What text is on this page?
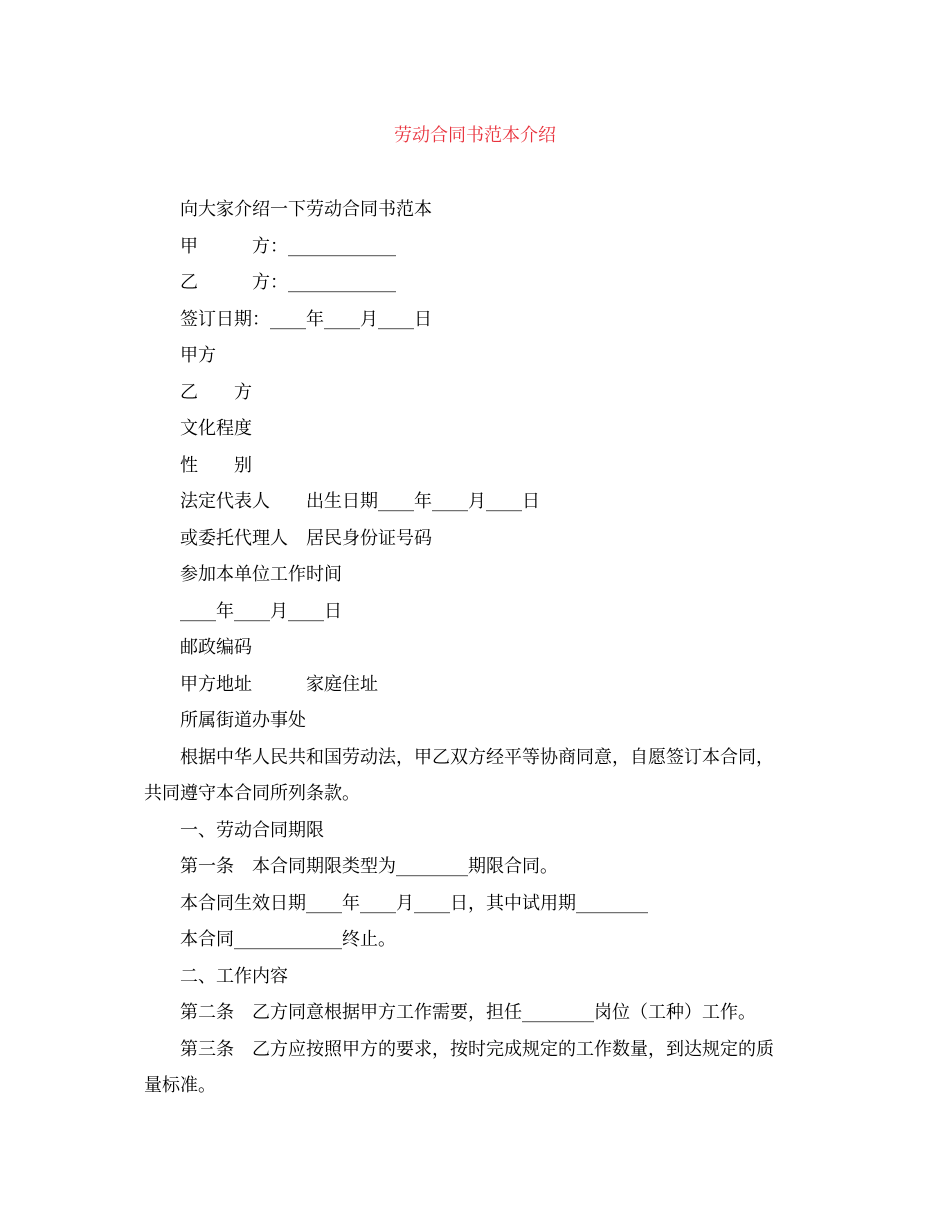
劳动合同书范本介绍

向大家介绍一下劳动合同书范本

甲　　　方：____________

乙　　　方：____________

签订日期：____年____月____日

甲方

乙　　方

文化程度

性　　别

法定代表人　　出生日期____年____月____日

或委托代理人　居民身份证号码

参加本单位工作时间

____年____月____日

邮政编码

甲方地址　　　家庭住址

所属街道办事处

根据中华人民共和国劳动法，甲乙双方经平等协商同意，自愿签订本合同，
共同遵守本合同所列条款。

一、劳动合同期限

第一条　本合同期限类型为________期限合同。

本合同生效日期____年____月____日，其中试用期________

本合同____________终止。

二、工作内容

第二条　乙方同意根据甲方工作需要，担任________岗位（工种）工作。

第三条　乙方应按照甲方的要求，按时完成规定的工作数量，到达规定的质
量标准。
